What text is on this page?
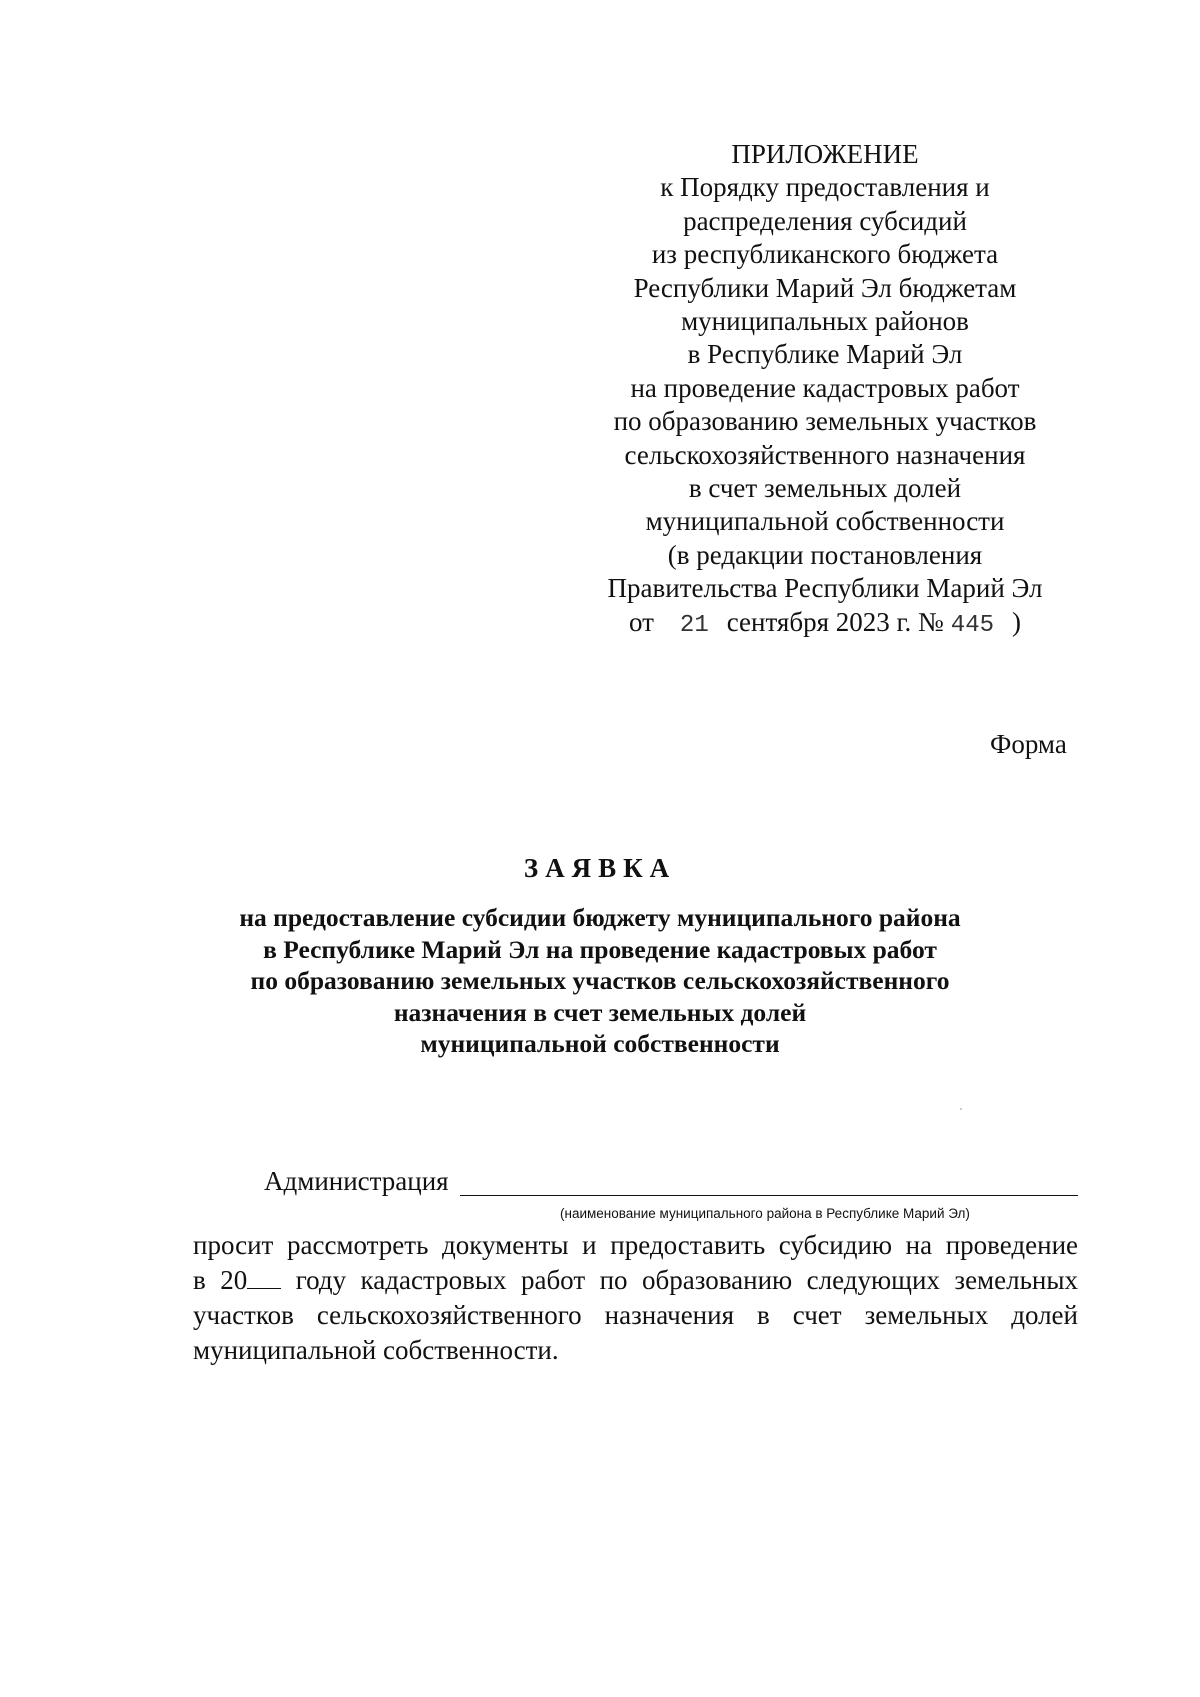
ПРИЛОЖЕНИЕ
к Порядку предоставления и
распределения субсидий
из республиканского бюджета
Республики Марий Эл бюджетам
муниципальных районов
в Республике Марий Эл
на проведение кадастровых работ
по образованию земельных участков
сельскохозяйственного назначения
в счет земельных долей
муниципальной собственности
(в редакции постановления
Правительства Республики Марий Эл
от 21 сентября 2023 г. № 445 )
Форма
ЗАЯВКА
на предоставление субсидии бюджету муниципального района
в Республике Марий Эл на проведение кадастровых работ
по образованию земельных участков сельскохозяйственного
назначения в счет земельных долей
муниципальной собственности
Администрация
(наименование муниципального района в Республике Марий Эл)
просит рассмотреть документы и предоставить субсидию на проведение
в 20 году кадастровых работ по образованию следующих земельных
участков сельскохозяйственного назначения в счет земельных долей
муниципальной собственности.
